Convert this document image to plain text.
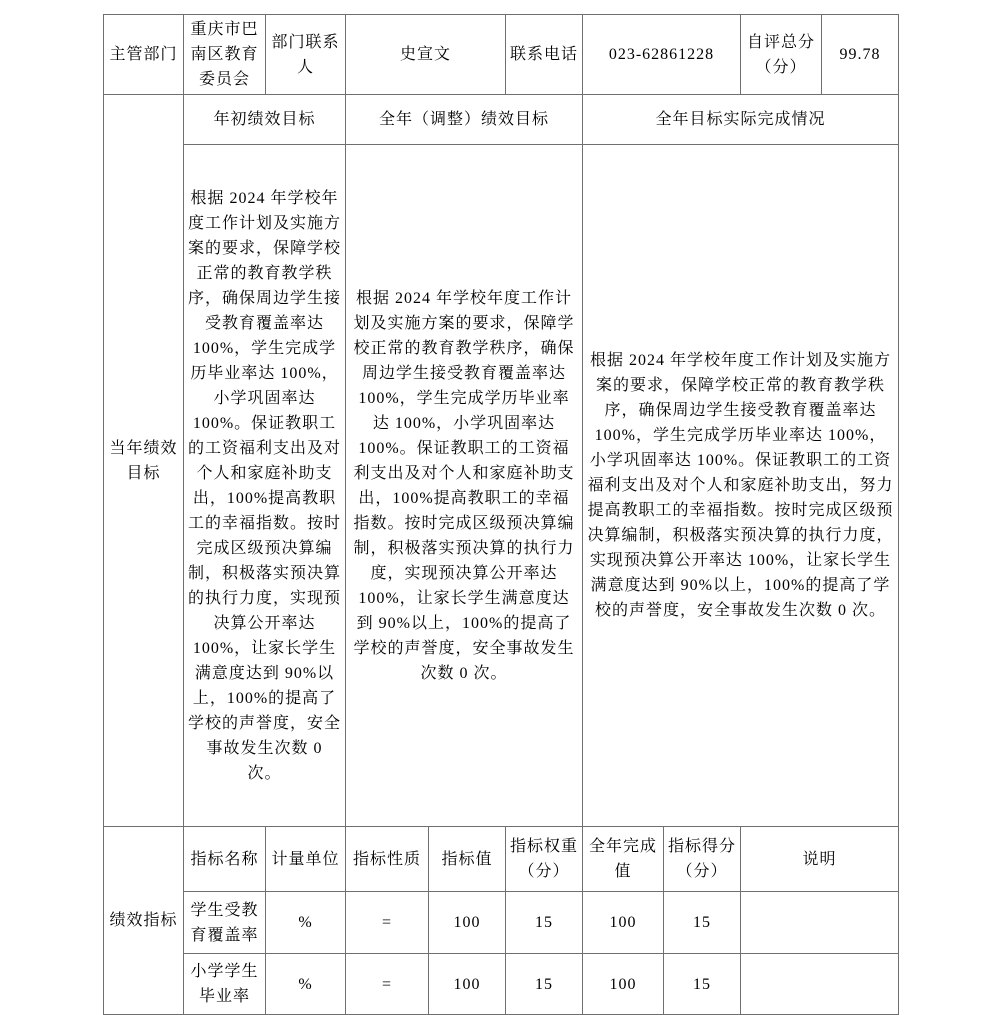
主管部门	重庆市巴南区教育委员会	部门联系人	史宣文		联系电话	023-62861228		自评总分（分）	99.78
当年绩效目标	年初绩效目标		全年（调整）绩效目标			全年目标实际完成情况			
根据 2024 年学校年度工作计划及实施方案的要求，保障学校正常的教育教学秩序，确保周边学生接受教育覆盖率达 100%，学生完成学历毕业率达 100%，小学巩固率达 100%。保证教职工的工资福利支出及对个人和家庭补助支出，100%提高教职工的幸福指数。按时完成区级预决算编制，积极落实预决算的执行力度，实现预决算公开率达 100%，让家长学生满意度达到 90%以上，100%的提高了学校的声誉度，安全事故发生次数 0 次。	根据 2024 年学校年度工作计划及实施方案的要求，保障学校正常的教育教学秩序，确保周边学生接受教育覆盖率达 100%，学生完成学历毕业率达 100%，小学巩固率达 100%。保证教职工的工资福利支出及对个人和家庭补助支出，100%提高教职工的幸福指数。按时完成区级预决算编制，积极落实预决算的执行力度，实现预决算公开率达 100%，让家长学生满意度达到 90%以上，100%的提高了学校的声誉度，安全事故发生次数 0 次。	根据 2024 年学校年度工作计划及实施方案的要求，保障学校正常的教育教学秩序，确保周边学生接受教育覆盖率达 100%，学生完成学历毕业率达 100%，小学巩固率达 100%。保证教职工的工资福利支出及对个人和家庭补助支出，努力提高教职工的幸福指数。按时完成区级预决算编制，积极落实预决算的执行力度，实现预决算公开率达 100%，让家长学生满意度达到 90%以上，100%的提高了学校的声誉度，安全事故发生次数 0 次。
绩效指标	指标名称	计量单位	指标性质	指标值	指标权重（分）	全年完成值	指标得分（分）	说明	
	学生受教育覆盖率	%	=	100	15	100	15		
	小学学生毕业率	%	=	100	15	100	15		
